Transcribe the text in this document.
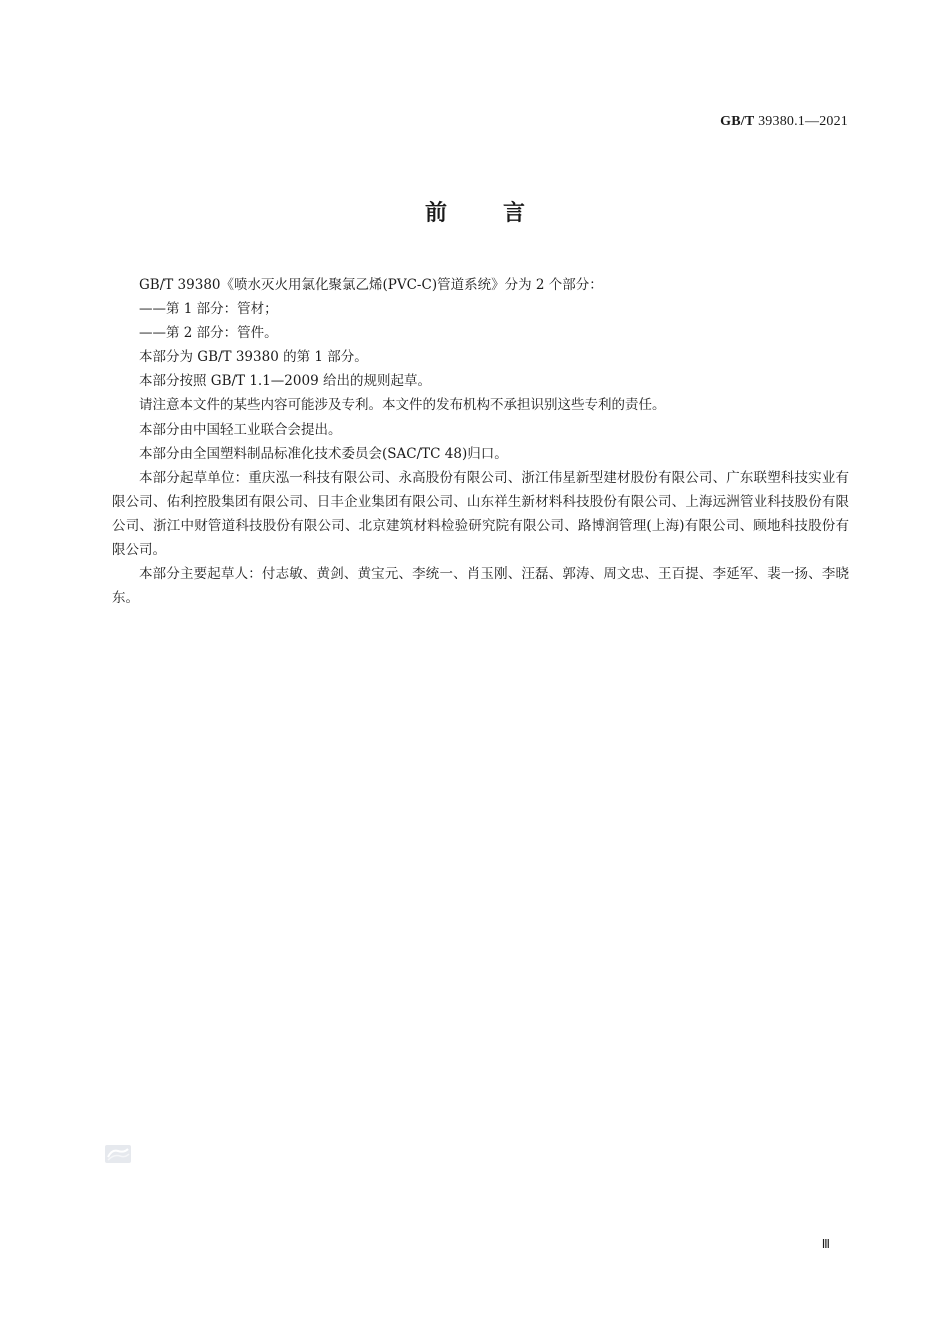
GB/T 39380.1—2021
前	言

GB/T 39380《喷水灭火用氯化聚氯乙烯(PVC-C)管道系统》分为 2 个部分：

——第 1 部分：管材；

——第 2 部分：管件。

本部分为 GB/T 39380 的第 1 部分。

本部分按照 GB/T 1.1—2009 给出的规则起草。

请注意本文件的某些内容可能涉及专利。本文件的发布机构不承担识别这些专利的责任。

本部分由中国轻工业联合会提出。

本部分由全国塑料制品标准化技术委员会(SAC/TC 48)归口。

本部分起草单位：重庆泓一科技有限公司、永高股份有限公司、浙江伟星新型建材股份有限公司、广东联塑科技实业有限公司、佑利控股集团有限公司、日丰企业集团有限公司、山东祥生新材料科技股份有限公司、上海远洲管业科技股份有限公司、浙江中财管道科技股份有限公司、北京建筑材料检验研究院有限公司、路博润管理(上海)有限公司、顾地科技股份有限公司。

本部分主要起草人：付志敏、黄剑、黄宝元、李统一、肖玉刚、汪磊、郭涛、周文忠、王百提、李延军、裴一扬、李晓东。

Ⅲ
